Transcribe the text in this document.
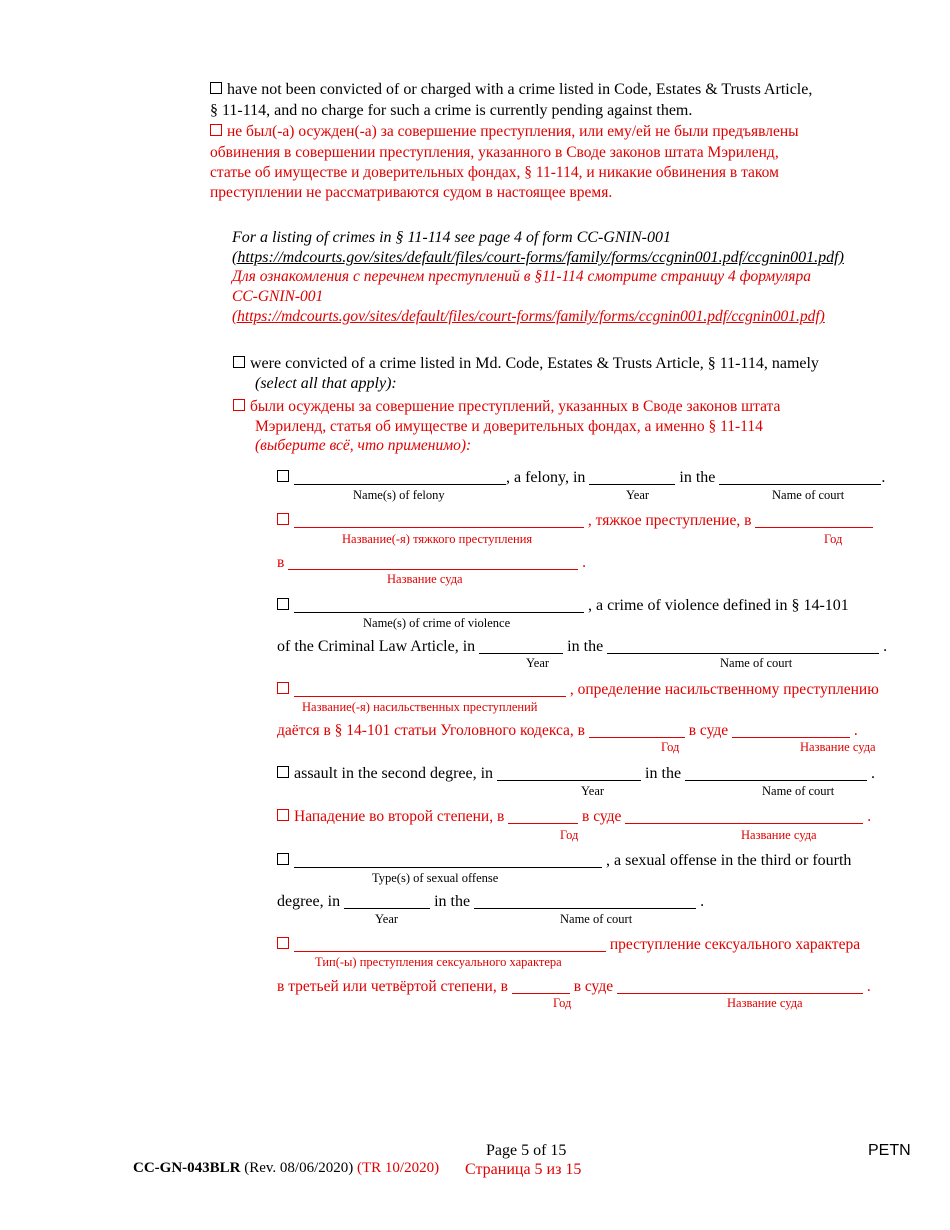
have not been convicted of or charged with a crime listed in Code, Estates & Trusts Article,
§ 11-114, and no charge for such a crime is currently pending against them.
не был(-а) осужден(-а) за совершение преступления, или ему/ей не были предъявлены
обвинения в совершении преступления, указанного в Своде законов штата Мэриленд,
статье об имуществе и доверительных фондах, § 11-114, и никакие обвинения в таком
преступлении не рассматриваются судом в настоящее время.
For a listing of crimes in § 11-114 see page 4 of form CC-GNIN-001
(https://mdcourts.gov/sites/default/files/court-forms/family/forms/ccgnin001.pdf/ccgnin001.pdf)
Для ознакомления с перечнем преступлений в §11-114 смотрите страницу 4 формуляра
CC-GNIN-001
(https://mdcourts.gov/sites/default/files/court-forms/family/forms/ccgnin001.pdf/ccgnin001.pdf)
were convicted of a crime listed in Md. Code, Estates & Trusts Article, § 11-114, namely
(select all that apply):
были осуждены за совершение преступлений, указанных в Своде законов штата
Мэриленд, статья об имуществе и доверительных фондах, а именно § 11-114
(выберите всё, что применимо):
, a felony, in	in the	.
Name(s) of felony	Year	Name of court
, тяжкое преступление, в
Название(-я) тяжкого преступления	Год
в	.
Название суда
, a crime of violence defined in § 14-101
Name(s) of crime of violence
of the Criminal Law Article, in	in the	.
Year	Name of court
, определение насильственному преступлению
Название(-я) насильственных преступлений
даётся в § 14-101 статьи Уголовного кодекса, в	в суде	.
Год	Название суда
assault in the second degree, in	in the	.
Year	Name of court
Нападение во второй степени, в	в суде	.
Год	Название суда
, a sexual offense in the third or fourth
Type(s) of sexual offense
degree, in	in the	.
Year	Name of court
преступление сексуального характера
Тип(-ы) преступления сексуального характера
в третьей или четвёртой степени, в	в суде	.
Год	Название суда
Page 5 of 15
Страница 5 из 15
PETN
CC-GN-043BLR (Rev. 08/06/2020) (TR 10/2020)
